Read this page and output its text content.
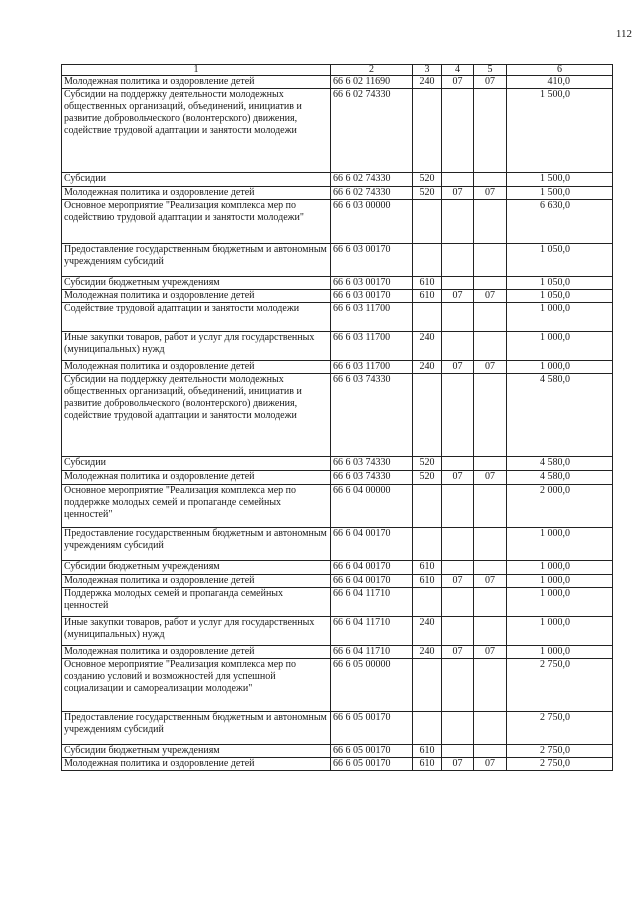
112
1	2	3	4	5	6
Молодежная политика и оздоровление детей	66 6 02 11690	240	07	07	410,0
Субсидии на поддержку деятельности молодежных общественных организаций, объединений, инициатив и развитие добровольческого (волонтерского) движения, содействие трудовой адаптации и занятости молодежи	66 6 02 74330				1 500,0
Субсидии	66 6 02 74330	520			1 500,0
Молодежная политика и оздоровление детей	66 6 02 74330	520	07	07	1 500,0
Основное мероприятие "Реализация комплекса мер по содействию трудовой адаптации и занятости молодежи"	66 6 03 00000				6 630,0
Предоставление государственным бюджетным и автономным учреждениям субсидий	66 6 03 00170				1 050,0
Субсидии бюджетным учреждениям	66 6 03 00170	610			1 050,0
Молодежная политика и оздоровление детей	66 6 03 00170	610	07	07	1 050,0
Содействие трудовой адаптации и занятости молодежи	66 6 03 11700				1 000,0
Иные закупки товаров, работ и услуг для государственных (муниципальных) нужд	66 6 03 11700	240			1 000,0
Молодежная политика и оздоровление детей	66 6 03 11700	240	07	07	1 000,0
Субсидии на поддержку деятельности молодежных общественных организаций, объединений, инициатив и развитие добровольческого (волонтерского) движения, содействие трудовой адаптации и занятости молодежи	66 6 03 74330				4 580,0
Субсидии	66 6 03 74330	520			4 580,0
Молодежная политика и оздоровление детей	66 6 03 74330	520	07	07	4 580,0
Основное мероприятие "Реализация комплекса мер по поддержке молодых семей и пропаганде семейных ценностей"	66 6 04 00000				2 000,0
Предоставление государственным бюджетным и автономным учреждениям субсидий	66 6 04 00170				1 000,0
Субсидии бюджетным учреждениям	66 6 04 00170	610			1 000,0
Молодежная политика и оздоровление детей	66 6 04 00170	610	07	07	1 000,0
Поддержка молодых семей и пропаганда семейных ценностей	66 6 04 11710				1 000,0
Иные закупки товаров, работ и услуг для государственных (муниципальных) нужд	66 6 04 11710	240			1 000,0
Молодежная политика и оздоровление детей	66 6 04 11710	240	07	07	1 000,0
Основное мероприятие "Реализация комплекса мер по созданию условий и возможностей для успешной социализации и самореализации молодежи"	66 6 05 00000				2 750,0
Предоставление государственным бюджетным и автономным учреждениям субсидий	66 6 05 00170				2 750,0
Субсидии бюджетным учреждениям	66 6 05 00170	610			2 750,0
Молодежная политика и оздоровление детей	66 6 05 00170	610	07	07	2 750,0
